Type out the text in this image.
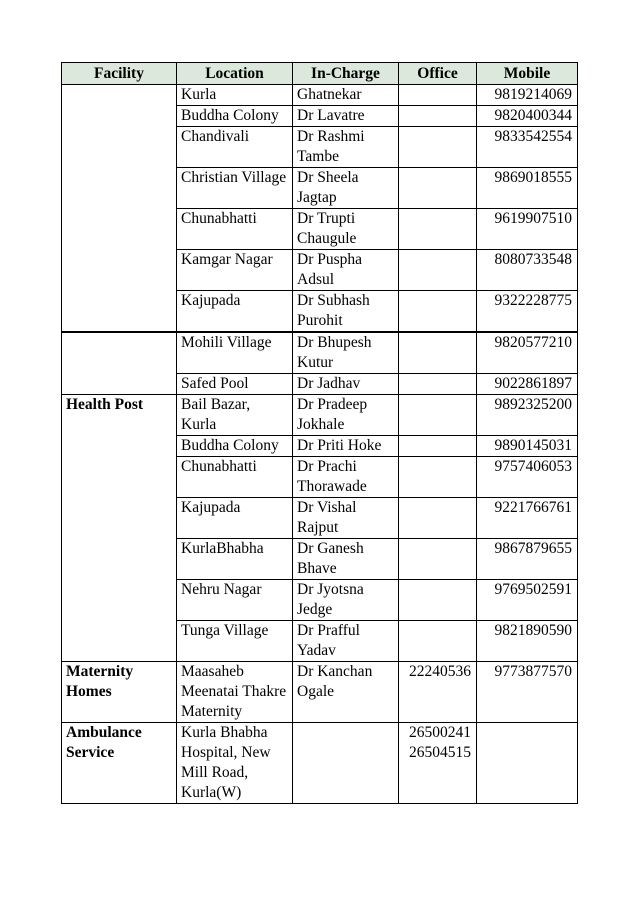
Facility	Location	In-Charge	Office	Mobile
	Kurla	Ghatnekar		9819214069
	Buddha Colony	Dr Lavatre		9820400344
	Chandivali	Dr Rashmi Tambe		9833542554
	Christian Village	Dr Sheela Jagtap		9869018555
	Chunabhatti	Dr Trupti Chaugule		9619907510
	Kamgar Nagar	Dr Puspha Adsul		8080733548
	Kajupada	Dr Subhash Purohit		9322228775
	Mohili Village	Dr Bhupesh Kutur		9820577210
	Safed Pool	Dr Jadhav		9022861897
Health Post	Bail Bazar, Kurla	Dr Pradeep Jokhale		9892325200
	Buddha Colony	Dr Priti Hoke		9890145031
	Chunabhatti	Dr Prachi Thorawade		9757406053
	Kajupada	Dr Vishal Rajput		9221766761
	KurlaBhabha	Dr Ganesh Bhave		9867879655
	Nehru Nagar	Dr Jyotsna Jedge		9769502591
	Tunga Village	Dr Prafful Yadav		9821890590
Maternity Homes	Maasaheb Meenatai Thakre Maternity	Dr Kanchan Ogale	22240536	9773877570
Ambulance Service	Kurla Bhabha Hospital, New Mill Road, Kurla(W)		26500241 26504515	
